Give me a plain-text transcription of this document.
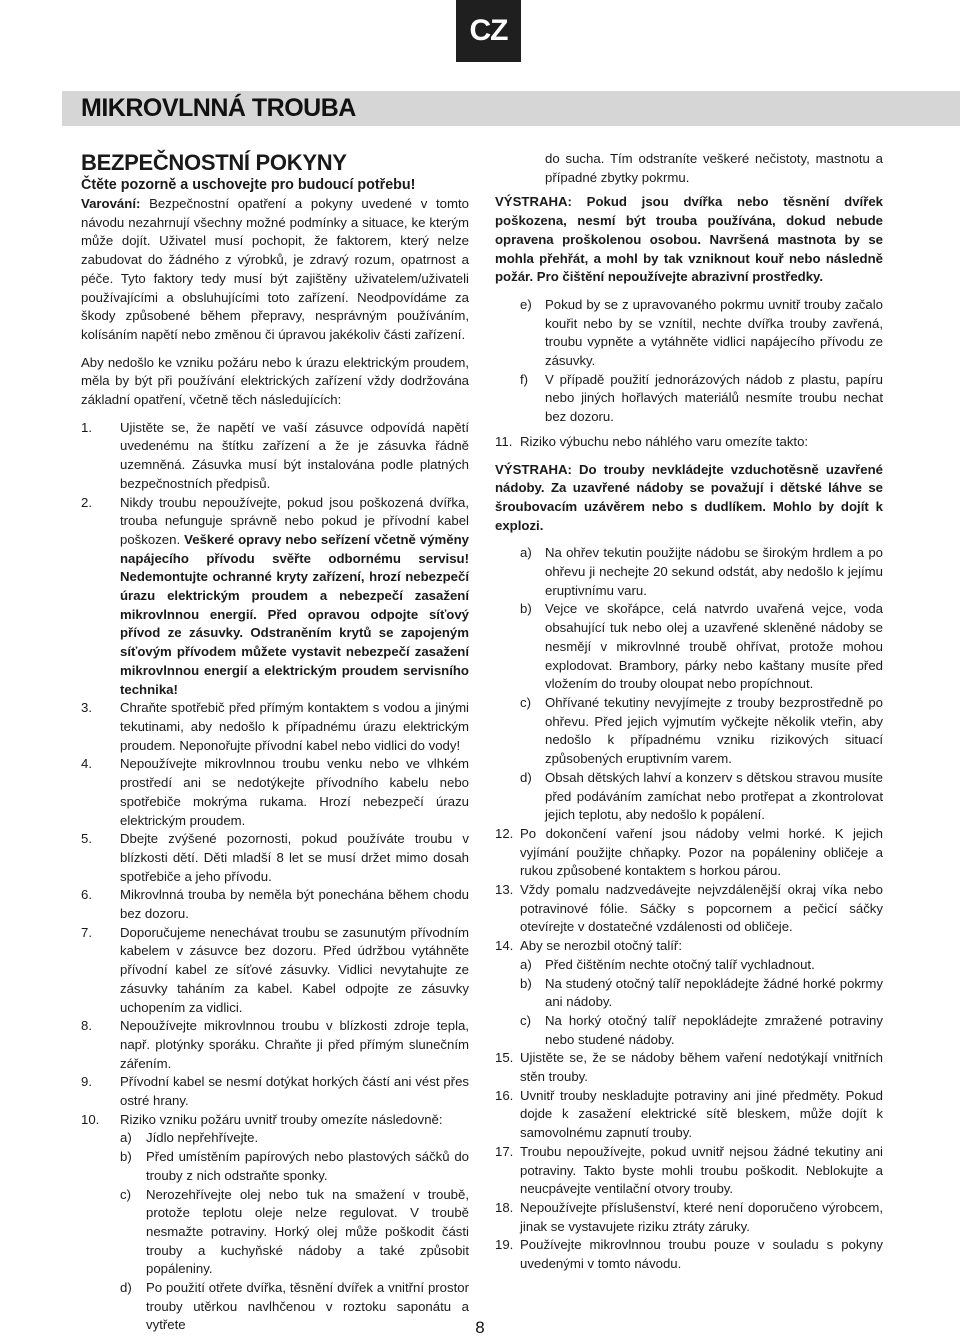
CZ
MIKROVLNNÁ TROUBA
BEZPEČNOSTNÍ POKYNY

Čtěte pozorně a uschovejte pro budoucí potřebu!

Varování: Bezpečnostní opatření a pokyny uvedené v tomto návodu nezahrnují všechny možné podmínky a situace, ke kterým může dojít. Uživatel musí pochopit, že faktorem, který nelze zabudovat do žádného z výrobků, je zdravý rozum, opatrnost a péče. Tyto faktory tedy musí být zajištěny uživatelem/uživateli používajícími a obsluhujícími toto zařízení. Neodpovídáme za škody způsobené během přepravy, nesprávným používáním, kolísáním napětí nebo změnou či úpravou jakékoliv části zařízení.

Aby nedošlo ke vzniku požáru nebo k úrazu elektrickým proudem, měla by být při používání elektrických zařízení vždy dodržována základní opatření, včetně těch následujících:

1.	Ujistěte se, že napětí ve vaší zásuvce odpovídá napětí uvedenému na štítku zařízení a že je zásuvka řádně uzemněná. Zásuvka musí být instalována podle platných bezpečnostních předpisů.
2.	Nikdy troubu nepoužívejte, pokud jsou poškozená dvířka, trouba nefunguje správně nebo pokud je přívodní kabel poškozen. Veškeré opravy nebo seřízení včetně výměny napájecího přívodu svěřte odbornému servisu! Nedemontujte ochranné kryty zařízení, hrozí nebezpečí úrazu elektrickým proudem a nebezpečí zasažení mikrovlnnou energií. Před opravou odpojte síťový přívod ze zásuvky. Odstraněním krytů se zapojeným síťovým přívodem můžete vystavit nebezpečí zasažení mikrovlnnou energií a elektrickým proudem servisního technika!
3.	Chraňte spotřebič před přímým kontaktem s vodou a jinými tekutinami, aby nedošlo k případnému úrazu elektrickým proudem. Neponořujte přívodní kabel nebo vidlici do vody!
4.	Nepoužívejte mikrovlnnou troubu venku nebo ve vlhkém prostředí ani se nedotýkejte přívodního kabelu nebo spotřebiče mokrýma rukama. Hrozí nebezpečí úrazu elektrickým proudem.
5.	Dbejte zvýšené pozornosti, pokud používáte troubu v blízkosti dětí. Děti mladší 8 let se musí držet mimo dosah spotřebiče a jeho přívodu.
6.	Mikrovlnná trouba by neměla být ponechána během chodu bez dozoru.
7.	Doporučujeme nenechávat troubu se zasunutým přívodním kabelem v zásuvce bez dozoru. Před údržbou vytáhněte přívodní kabel ze síťové zásuvky. Vidlici nevytahujte ze zásuvky taháním za kabel. Kabel odpojte ze zásuvky uchopením za vidlici.
8.	Nepoužívejte mikrovlnnou troubu v blízkosti zdroje tepla, např. plotýnky sporáku. Chraňte ji před přímým slunečním zářením.
9.	Přívodní kabel se nesmí dotýkat horkých částí ani vést přes ostré hrany.
10.	Riziko vzniku požáru uvnitř trouby omezíte následovně:
a)	Jídlo nepřehřívejte.
b)	Před umístěním papírových nebo plastových sáčků do trouby z nich odstraňte sponky.
c)	Nerozehřívejte olej nebo tuk na smažení v troubě, protože teplotu oleje nelze regulovat. V troubě nesmažte potraviny. Horký olej může poškodit části trouby a kuchyňské nádoby a také způsobit popáleniny.
d)	Po použití otřete dvířka, těsnění dvířek a vnitřní prostor trouby utěrkou navlhčenou v roztoku saponátu a vytřete

do sucha. Tím odstraníte veškeré nečistoty, mastnotu a případné zbytky pokrmu.

VÝSTRAHA: Pokud jsou dvířka nebo těsnění dvířek poškozena, nesmí být trouba používána, dokud nebude opravena proškolenou osobou. Navršená mastnota by se mohla přehřát, a mohl by tak vzniknout kouř nebo následně požár. Pro čištění nepoužívejte abrazivní prostředky.

e)	Pokud by se z upravovaného pokrmu uvnitř trouby začalo kouřit nebo by se vznítil, nechte dvířka trouby zavřená, troubu vypněte a vytáhněte vidlici napájecího přívodu ze zásuvky.
f)	V případě použití jednorázových nádob z plastu, papíru nebo jiných hořlavých materiálů nesmíte troubu nechat bez dozoru.
11. Riziko výbuchu nebo náhlého varu omezíte takto:

VÝSTRAHA: Do trouby nevkládejte vzduchotěsně uzavřené nádoby. Za uzavřené nádoby se považují i dětské láhve se šroubovacím uzávěrem nebo s dudlíkem. Mohlo by dojít k explozi.

a)	Na ohřev tekutin použijte nádobu se širokým hrdlem a po ohřevu ji nechejte 20 sekund odstát, aby nedošlo k jejímu eruptivnímu varu.
b)	Vejce ve skořápce, celá natvrdo uvařená vejce, voda obsahující tuk nebo olej a uzavřené skleněné nádoby se nesmějí v mikrovlnné troubě ohřívat, protože mohou explodovat. Brambory, párky nebo kaštany musíte před vložením do trouby oloupat nebo propíchnout.
c)	Ohřívané tekutiny nevyjímejte z trouby bezprostředně po ohřevu. Před jejich vyjmutím vyčkejte několik vteřin, aby nedošlo k případnému vzniku rizikových situací způsobených eruptivním varem.
d)	Obsah dětských lahví a konzerv s dětskou stravou musíte před podáváním zamíchat nebo protřepat a zkontrolovat jejich teplotu, aby nedošlo k popálení.
12. Po dokončení vaření jsou nádoby velmi horké. K jejich vyjímání použijte chňapky. Pozor na popáleniny obličeje a rukou způsobené kontaktem s horkou párou.
13. Vždy pomalu nadzvedávejte nejvzdálenější okraj víka nebo potravinové fólie. Sáčky s popcornem a pečicí sáčky otevírejte v dostatečné vzdálenosti od obličeje.
14. Aby se nerozbil otočný talíř:
a)	Před čištěním nechte otočný talíř vychladnout.
b)	Na studený otočný talíř nepokládejte žádné horké pokrmy ani nádoby.
c)	Na horký otočný talíř nepokládejte zmražené potraviny nebo studené nádoby.
15. Ujistěte se, že se nádoby během vaření nedotýkají vnitřních stěn trouby.
16. Uvnitř trouby neskladujte potraviny ani jiné předměty. Pokud dojde k zasažení elektrické sítě bleskem, může dojít k samovolnému zapnutí trouby.
17. Troubu nepoužívejte, pokud uvnitř nejsou žádné tekutiny ani potraviny. Takto byste mohli troubu poškodit. Neblokujte a neucpávejte ventilační otvory trouby.
18. Nepoužívejte příslušenství, které není doporučeno výrobcem, jinak se vystavujete riziku ztráty záruky.
19. Používejte mikrovlnnou troubu pouze v souladu s pokyny uvedenými v tomto návodu.
8
